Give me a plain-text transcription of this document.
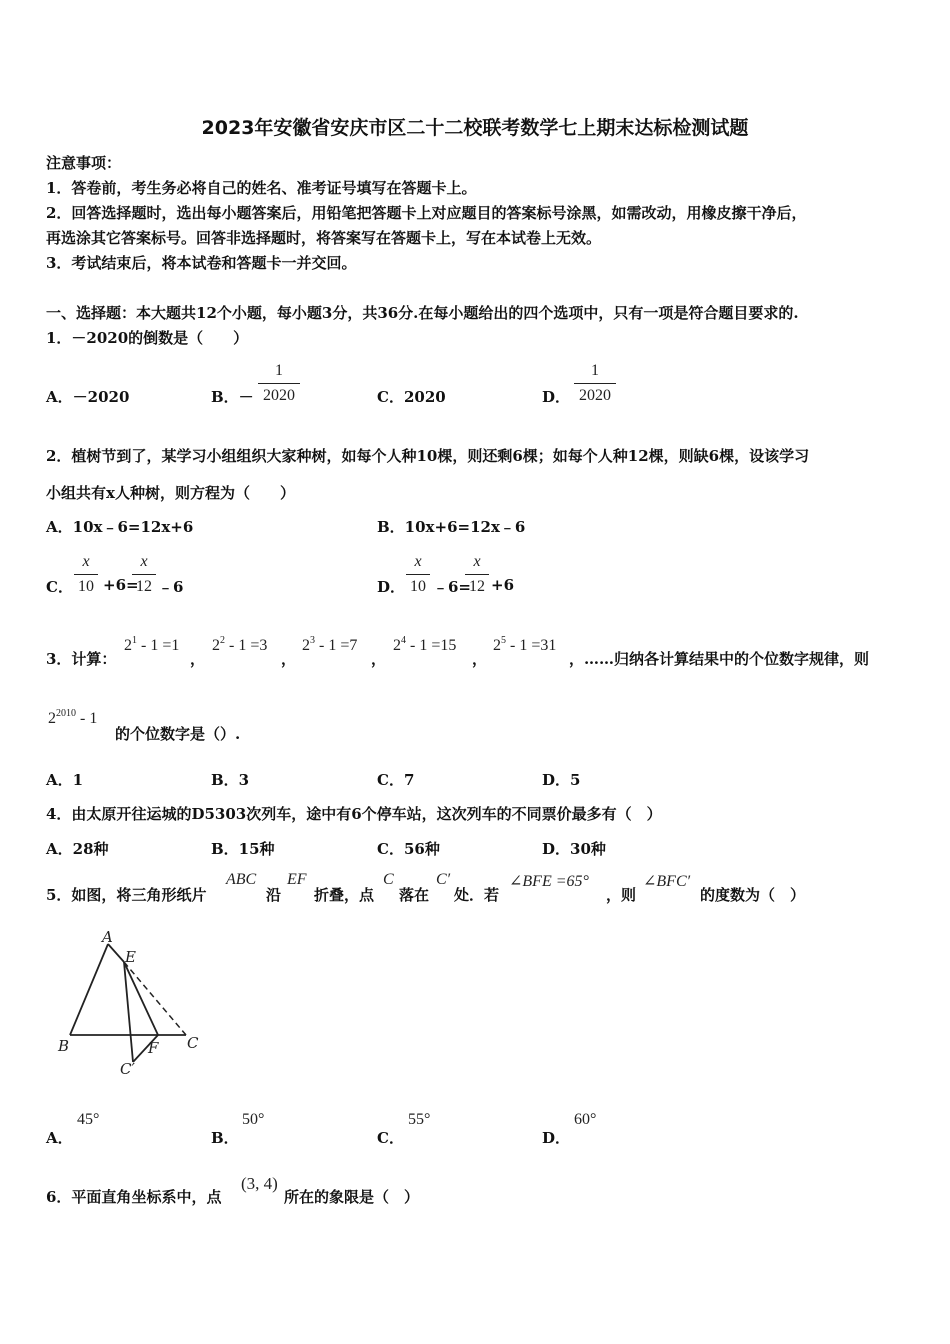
2023年安徽省安庆市区二十二校联考数学七上期末达标检测试题
注意事项：
1．答卷前，考生务必将自己的姓名、准考证号填写在答题卡上。
2．回答选择题时，选出每小题答案后，用铅笔把答题卡上对应题目的答案标号涂黑，如需改动，用橡皮擦干净后，
再选涂其它答案标号。回答非选择题时，将答案写在答题卡上，写在本试卷上无效。
3．考试结束后，将本试卷和答题卡一并交回。
一、选择题：本大题共12个小题，每小题3分，共36分.在每小题给出的四个选项中，只有一项是符合题目要求的.
1．－2020的倒数是（　　）
A．－2020	B．－
1
2020	C．2020	D．
1
2020
2．植树节到了，某学习小组组织大家种树，如每个人种10棵，则还剩6棵；如每个人种12棵，则缺6棵，设该学习
小组共有x人种树，则方程为（　　）
A．10x﹣6=12x+6	B．10x+6=12x﹣6
C．
x
10 +6=
x
12 ﹣6	D．
x
10 ﹣6=
x
12 +6
3．计算：
$2^1 - 1 =1$
，
$2^2 - 1 =3$
，
$2^3 - 1 =7$
，
$2^4 - 1 =15$
，
$2^5 - 1 =31$
，……归纳各计算结果中的个位数字规律，则
$2^{2010} - 1$
的个位数字是（）.
A．1	B．3	C．7	D．5
4．由太原开往运城的D5303次列车，途中有6个停车站，这次列车的不同票价最多有（　）
A．28种	B．15种	C．56种	D．30种
5．如图，将三角形纸片
ABC
沿
EF
折叠，点
C
落在
C′
处．若
∠BFE =65°
，则
∠BFC′
的度数为（　）
A
E
B	F C
C′
A．
45°
B．
50°
C．
55°
D．
60°
6．平面直角坐标系中，点
(3, 4)
所在的象限是（　）
